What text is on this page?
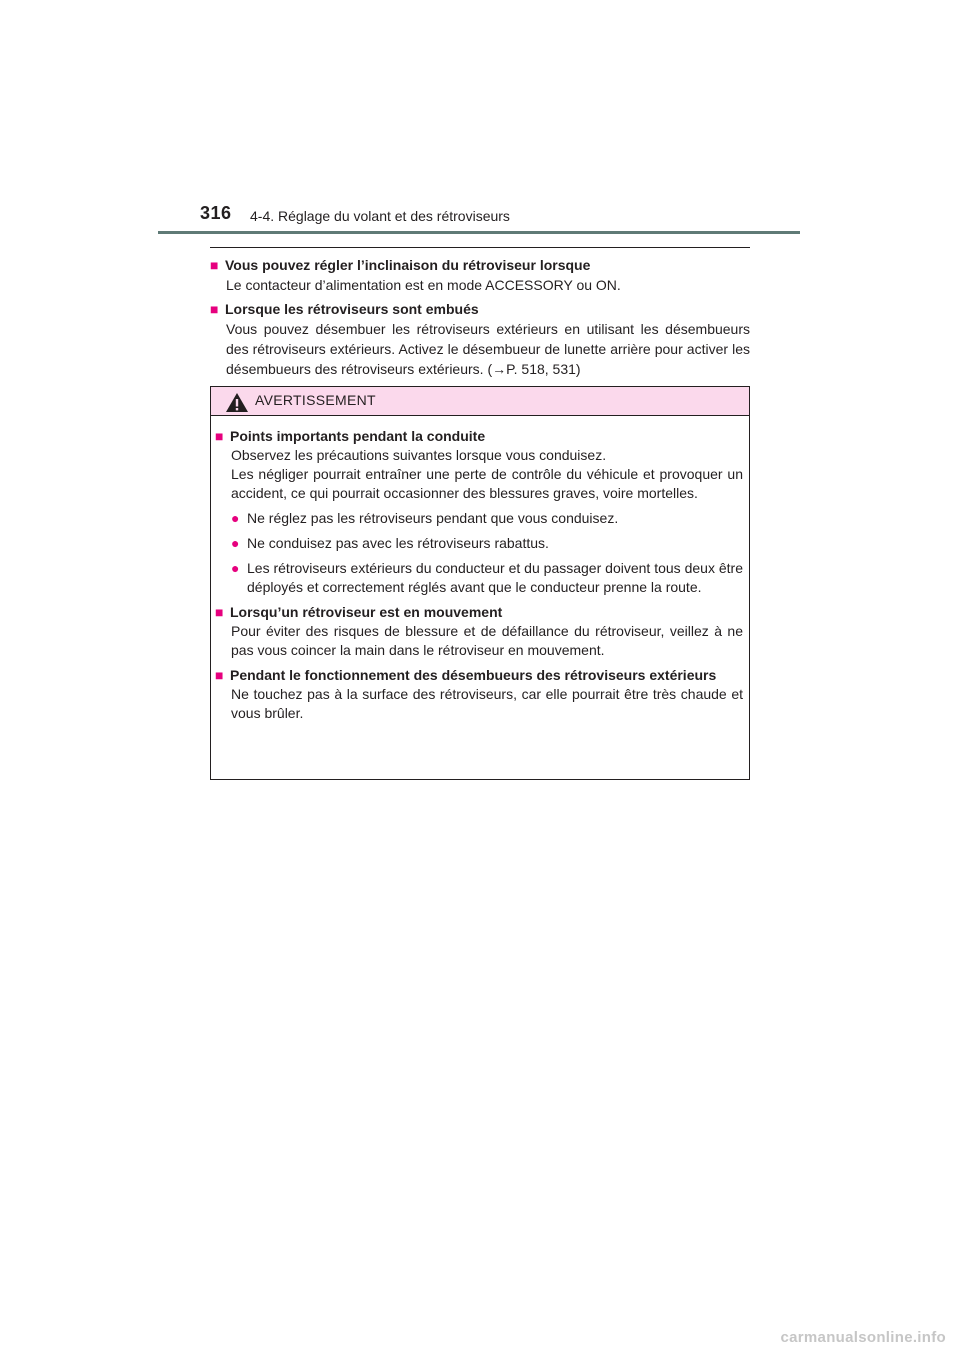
316 4-4. Réglage du volant et des rétroviseurs
■ Vous pouvez régler l’inclinaison du rétroviseur lorsque
Le contacteur d’alimentation est en mode ACCESSORY ou ON.
■ Lorsque les rétroviseurs sont embués
Vous pouvez désembuer les rétroviseurs extérieurs en utilisant les désembueurs des rétroviseurs extérieurs. Activez le désembueur de lunette arrière pour activer les désembueurs des rétroviseurs extérieurs. (→P. 518, 531)
AVERTISSEMENT
■ Points importants pendant la conduite
Observez les précautions suivantes lorsque vous conduisez.
Les négliger pourrait entraîner une perte de contrôle du véhicule et provoquer un accident, ce qui pourrait occasionner des blessures graves, voire mortelles.
● Ne réglez pas les rétroviseurs pendant que vous conduisez.
● Ne conduisez pas avec les rétroviseurs rabattus.
● Les rétroviseurs extérieurs du conducteur et du passager doivent tous deux être déployés et correctement réglés avant que le conducteur prenne la route.
■ Lorsqu’un rétroviseur est en mouvement
Pour éviter des risques de blessure et de défaillance du rétroviseur, veillez à ne pas vous coincer la main dans le rétroviseur en mouvement.
■ Pendant le fonctionnement des désembueurs des rétroviseurs extérieurs
Ne touchez pas à la surface des rétroviseurs, car elle pourrait être très chaude et vous brûler.
carmanualsonline.info
